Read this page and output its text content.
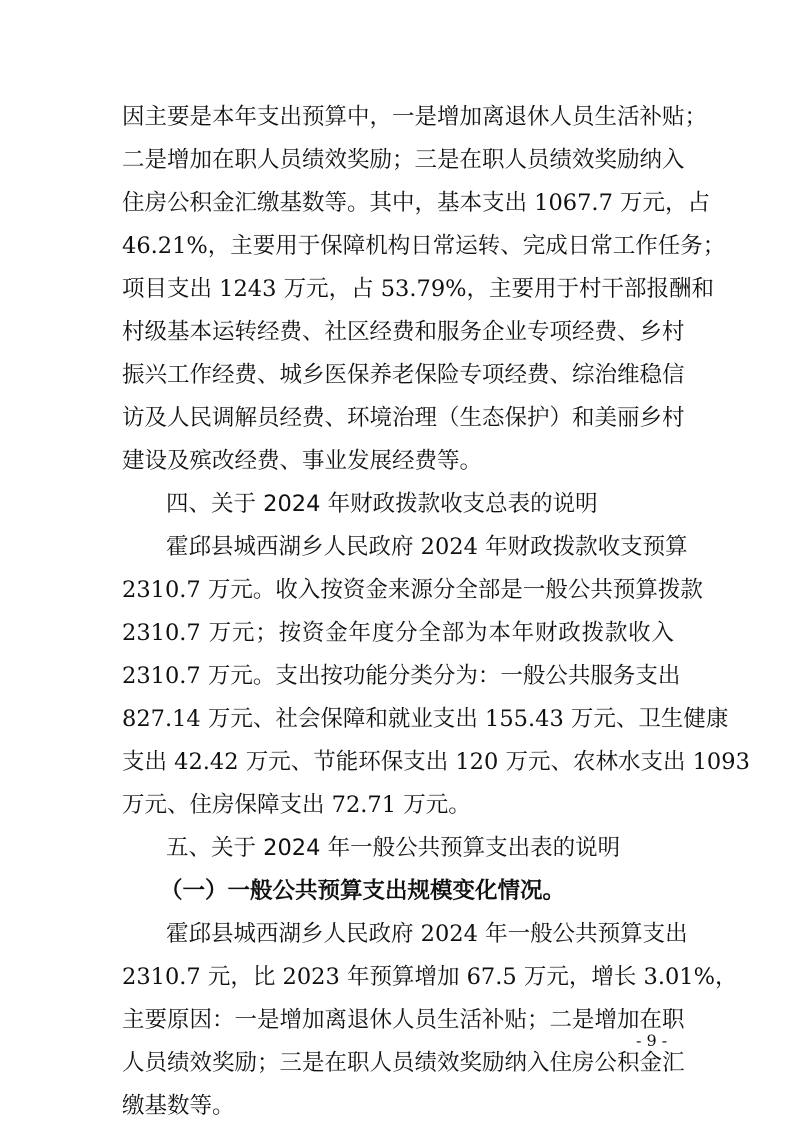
因主要是本年支出预算中，一是增加离退休人员生活补贴；
二是增加在职人员绩效奖励；三是在职人员绩效奖励纳入
住房公积金汇缴基数等。其中，基本支出 1067.7 万元，占
46.21%，主要用于保障机构日常运转、完成日常工作任务；
项目支出 1243 万元，占 53.79%，主要用于村干部报酬和
村级基本运转经费、社区经费和服务企业专项经费、乡村
振兴工作经费、城乡医保养老保险专项经费、综治维稳信
访及人民调解员经费、环境治理（生态保护）和美丽乡村
建设及殡改经费、事业发展经费等。
四、关于 2024 年财政拨款收支总表的说明
霍邱县城西湖乡人民政府 2024 年财政拨款收支预算
2310.7 万元。收入按资金来源分全部是一般公共预算拨款
2310.7 万元；按资金年度分全部为本年财政拨款收入
2310.7 万元。支出按功能分类分为：一般公共服务支出
827.14 万元、社会保障和就业支出 155.43 万元、卫生健康
支出 42.42 万元、节能环保支出 120 万元、农林水支出 1093
万元、住房保障支出 72.71 万元。
五、关于 2024 年一般公共预算支出表的说明
（一）一般公共预算支出规模变化情况。
霍邱县城西湖乡人民政府 2024 年一般公共预算支出
2310.7 元，比 2023 年预算增加 67.5 万元，增长 3.01%，
主要原因：一是增加离退休人员生活补贴；二是增加在职
人员绩效奖励；三是在职人员绩效奖励纳入住房公积金汇
缴基数等。
- 9 -
